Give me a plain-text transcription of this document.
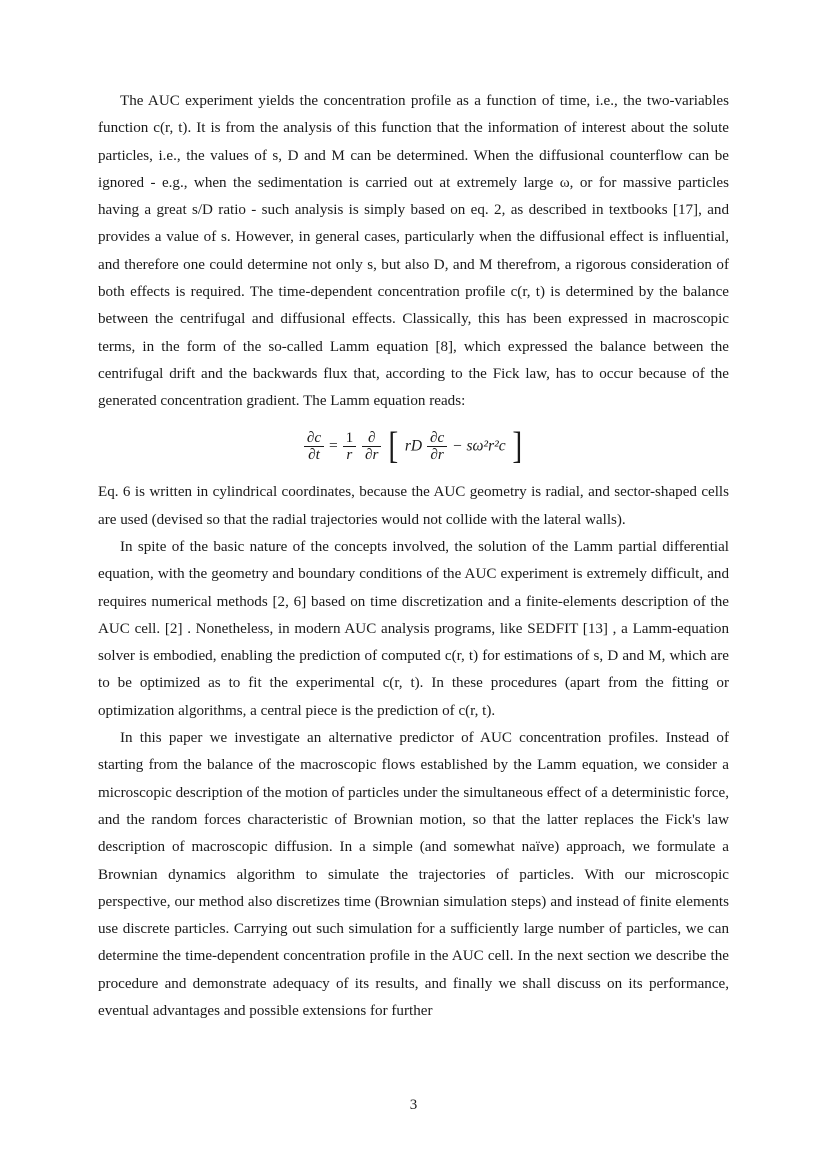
The AUC experiment yields the concentration profile as a function of time, i.e., the two-variables function c(r, t). It is from the analysis of this function that the information of interest about the solute particles, i.e., the values of s, D and M can be determined. When the diffusional counterflow can be ignored - e.g., when the sedimentation is carried out at extremely large ω, or for massive particles having a great s/D ratio - such analysis is simply based on eq. 2, as described in textbooks [17], and provides a value of s. However, in general cases, particularly when the diffusional effect is influential, and therefore one could determine not only s, but also D, and M therefrom, a rigorous consideration of both effects is required. The time-dependent concentration profile c(r, t) is determined by the balance between the centrifugal and diffusional effects. Classically, this has been expressed in macroscopic terms, in the form of the so-called Lamm equation [8], which expressed the balance between the centrifugal drift and the backwards flux that, according to the Fick law, has to occur because of the generated concentration gradient. The Lamm equation reads:

$\frac{\partial c}{\partial t} = \frac{1}{r}$
$\frac{\partial}{\partial r}$ [ rD $\frac{\partial c}{\partial r} - s\omega^2r^2c$ ]

Eq. 6 is written in cylindrical coordinates, because the AUC geometry is radial, and sector-shaped cells are used (devised so that the radial trajectories would not collide with the lateral walls).

In spite of the basic nature of the concepts involved, the solution of the Lamm partial differential equation, with the geometry and boundary conditions of the AUC experiment is extremely difficult, and requires numerical methods [2, 6] based on time discretization and a finite-elements description of the AUC cell. [2] . Nonetheless, in modern AUC analysis programs, like SEDFIT [13] , a Lamm-equation solver is embodied, enabling the prediction of computed c(r, t) for estimations of s, D and M, which are to be optimized as to fit the experimental c(r, t). In these procedures (apart from the fitting or optimization algorithms, a central piece is the prediction of c(r, t).

In this paper we investigate an alternative predictor of AUC concentration profiles. Instead of starting from the balance of the macroscopic flows established by the Lamm equation, we consider a microscopic description of the motion of particles under the simultaneous effect of a deterministic force, and the random forces characteristic of Brownian motion, so that the latter replaces the Fick's law description of macroscopic diffusion. In a simple (and somewhat naïve) approach, we formulate a Brownian dynamics algorithm to simulate the trajectories of particles. With our microscopic perspective, our method also discretizes time (Brownian simulation steps) and instead of finite elements use discrete particles. Carrying out such simulation for a sufficiently large number of particles, we can determine the time-dependent concentration profile in the AUC cell. In the next section we describe the procedure and demonstrate adequacy of its results, and finally we shall discuss on its performance, eventual advantages and possible extensions for further

3
